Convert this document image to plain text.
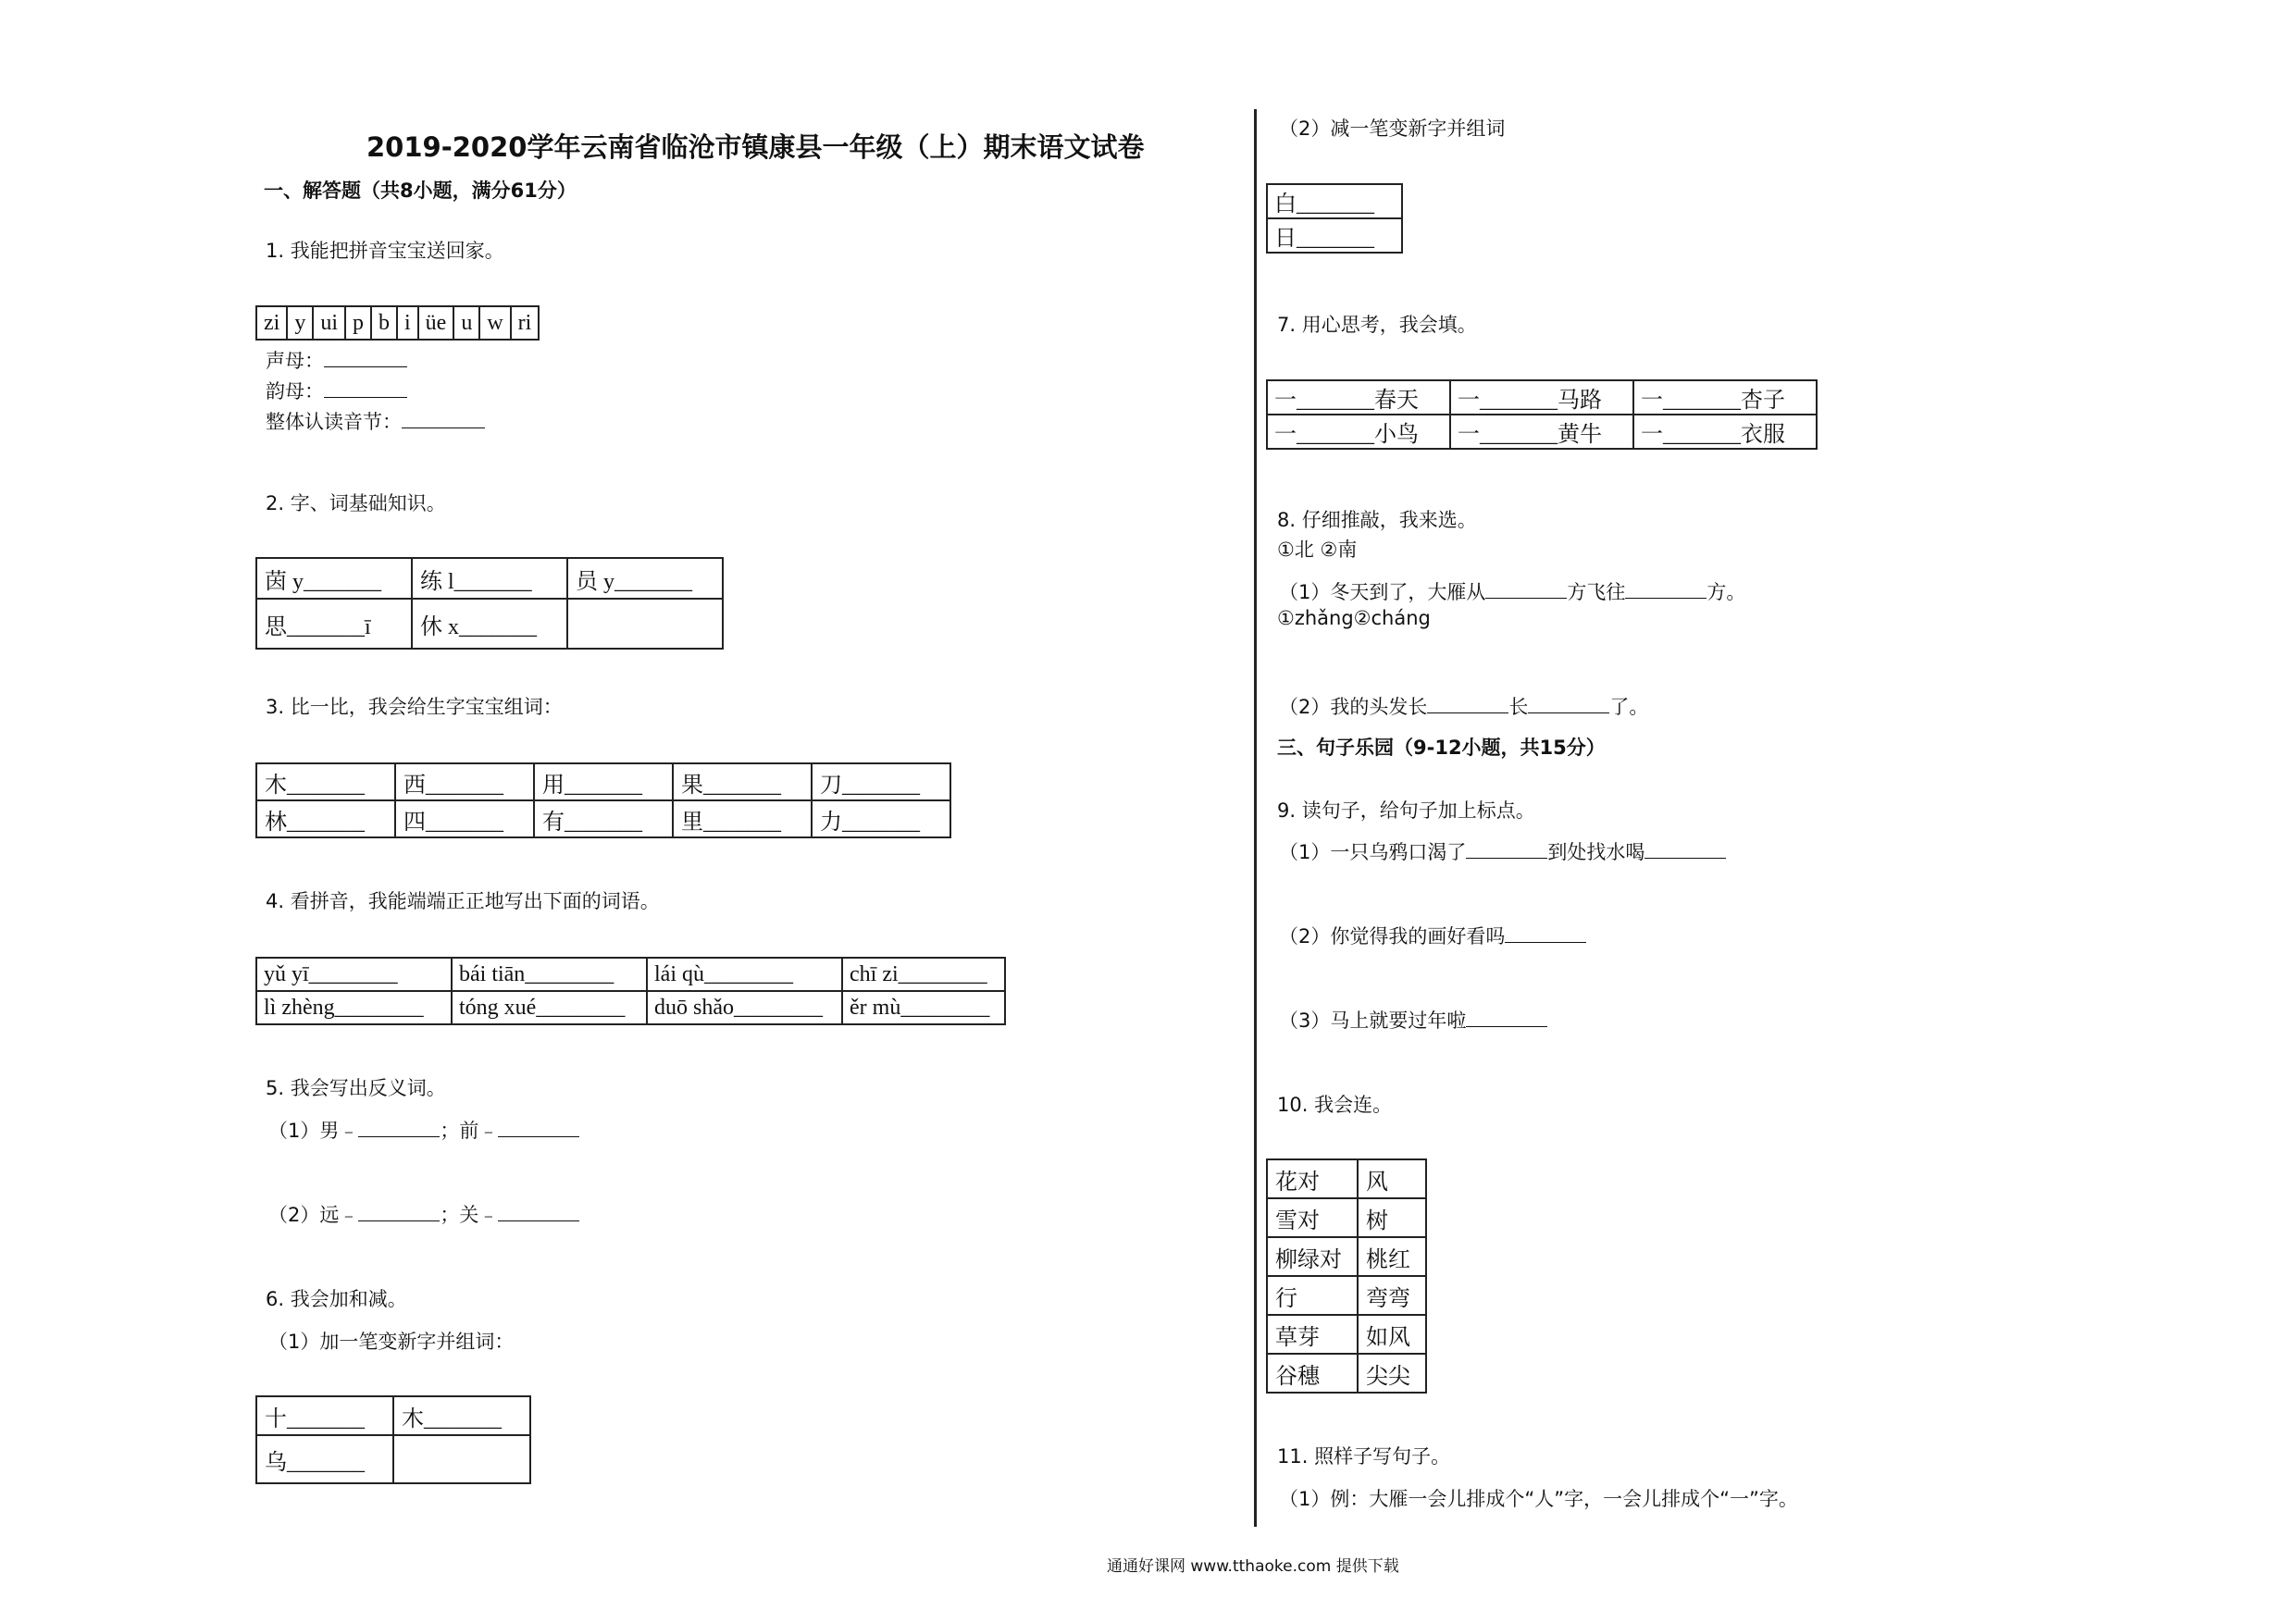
2019-2020学年云南省临沧市镇康县一年级（上）期末语文试卷
一、解答题（共8小题，满分61分）
1. 我能把拼音宝宝送回家。
zi	y	ui	p	b	i	üe	u	w	ri
声母：
韵母：
整体认读音节：
2. 字、词基础知识。
茵 y_______	练 l_______	员 y_______
思_______ī	休 x_______	
3. 比一比，我会给生字宝宝组词：
木_______	西_______	用_______	果_______	刀_______
林_______	四_______	有_______	里_______	力_______
4. 看拼音，我能端端正正地写出下面的词语。
yǔ yī________	bái tiān________	lái qù________	chī zi________
lì zhèng________	tóng xué________	duō shǎo________	ěr mù________
5. 我会写出反义词。
（1）男﹣	；前﹣
（2）远﹣	；关﹣
6. 我会加和减。
（1）加一笔变新字并组词：
十_______	木_______
乌_______	
（2）减一笔变新字并组词
白_______
日_______
7. 用心思考，我会填。
一_______春天	一_______马路	一_______杏子
一_______小鸟	一_______黄牛	一_______衣服
8. 仔细推敲，我来选。
①北 ②南
（1）冬天到了，大雁从	方飞往	方。
①zhǎng②cháng
（2）我的头发长	长	了。
三、句子乐园（9-12小题，共15分）
9. 读句子，给句子加上标点。
（1）一只乌鸦口渴了	到处找水喝
（2）你觉得我的画好看吗
（3）马上就要过年啦
10. 我会连。
花对	风
雪对	树
柳绿对	桃红
行	弯弯
草芽	如风
谷穗	尖尖
11. 照样子写句子。
（1）例：大雁一会儿排成个“人”字，一会儿排成个“一”字。
通通好课网 www.tthaoke.com 提供下载
